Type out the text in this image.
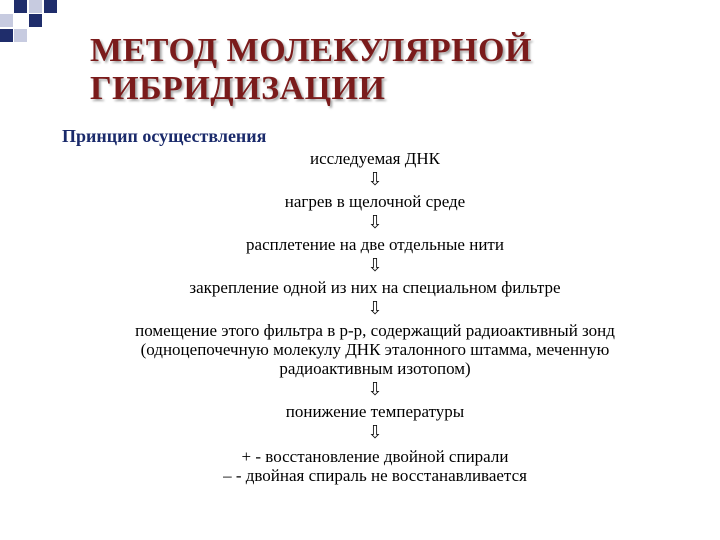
МЕТОД МОЛЕКУЛЯРНОЙ
ГИБРИДИЗАЦИИ
Принцип осуществления
исследуемая ДНК
⇩
нагрев в щелочной среде
⇩
расплетение на две отдельные нити
⇩
закрепление одной из них на специальном фильтре
⇩
помещение этого фильтра в р-р, содержащий радиоактивный зонд
(одноцепочечную молекулу ДНК эталонного штамма, меченную
радиоактивным изотопом)
⇩
понижение температуры
⇩
+ - восстановление двойной спирали
– - двойная спираль не восстанавливается
